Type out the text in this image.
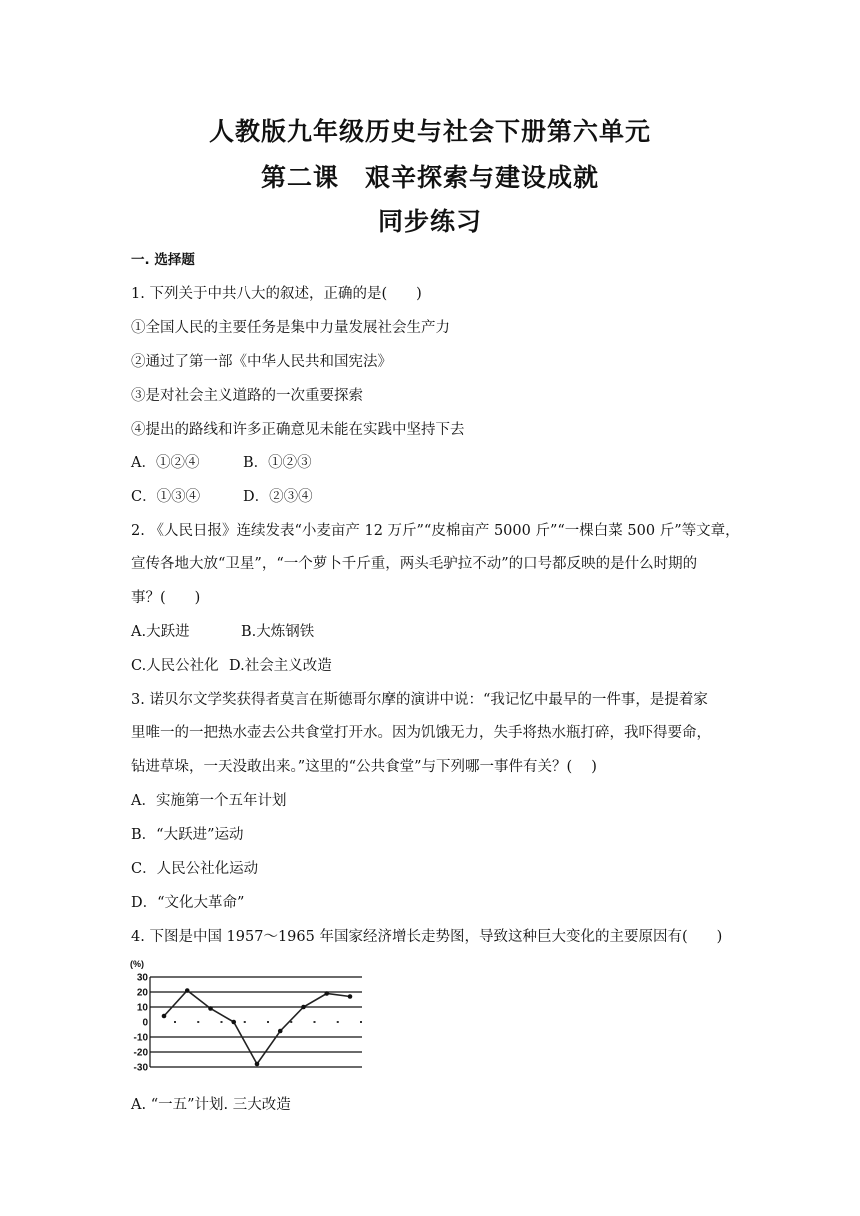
人教版九年级历史与社会下册第六单元
第二课　艰辛探索与建设成就
同步练习
一. 选择题
1. 下列关于中共八大的叙述，正确的是(　　)
①全国人民的主要任务是集中力量发展社会生产力
②通过了第一部《中华人民共和国宪法》
③是对社会主义道路的一次重要探索
④提出的路线和许多正确意见未能在实践中坚持下去
A．①②④	B．①②③
C．①③④	D．②③④
2. 《人民日报》连续发表“小麦亩产 12 万斤”“皮棉亩产 5000 斤”“一棵白菜 500 斤”等文章，
宣传各地大放“卫星”，“一个萝卜千斤重，两头毛驴拉不动”的口号都反映的是什么时期的
事？(　　)
A.大跃进	B.大炼钢铁
C.人民公社化 D.社会主义改造
3. 诺贝尔文学奖获得者莫言在斯德哥尔摩的演讲中说：“我记忆中最早的一件事，是提着家
里唯一的一把热水壶去公共食堂打开水。因为饥饿无力，失手将热水瓶打碎，我吓得要命，
钻进草垛，一天没敢出来。”这里的“公共食堂”与下列哪一事件有关？(　 )
A．实施第一个五年计划
B．“大跃进”运动
C．人民公社化运动
D．“文化大革命”
4. 下图是中国 1957～1965 年国家经济增长走势图，导致这种巨大变化的主要原因有(　　)
30
20
10
0
-10
-20
-30
(%)
A. “一五”计划. 三大改造
